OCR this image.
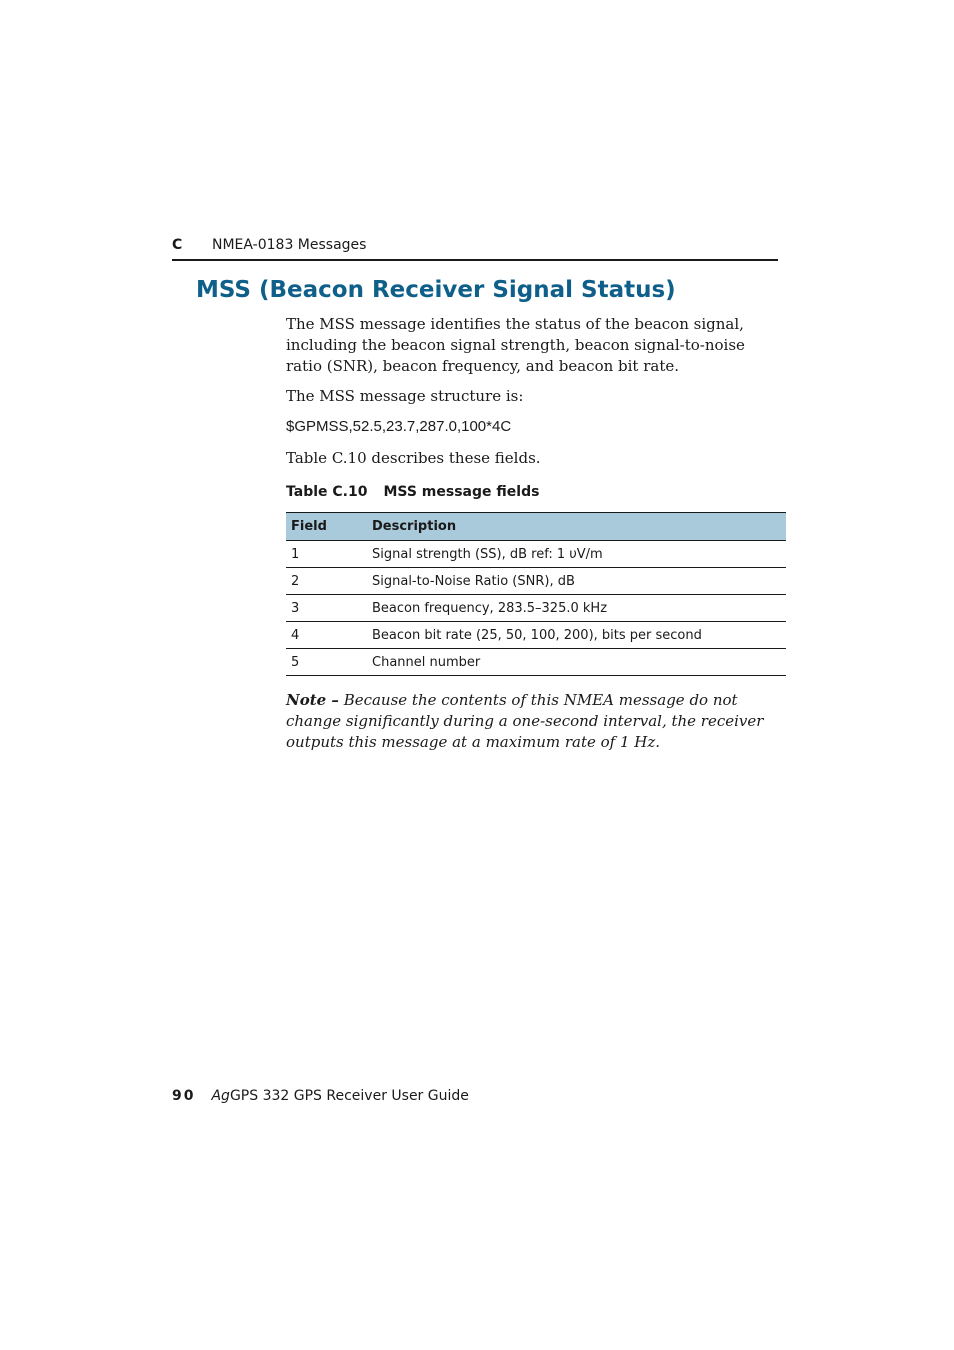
C NMEA-0183 Messages
MSS (Beacon Receiver Signal Status)
The MSS message identifies the status of the beacon signal, including the beacon signal strength, beacon signal-to-noise ratio (SNR), beacon frequency, and beacon bit rate.
The MSS message structure is:
$GPMSS,52.5,23.7,287.0,100*4C
Table C.10 describes these fields.
Table C.10 MSS message fields
Field	Description
1	Signal strength (SS), dB ref: 1 υV/m
2	Signal-to-Noise Ratio (SNR), dB
3	Beacon frequency, 283.5–325.0 kHz
4	Beacon bit rate (25, 50, 100, 200), bits per second
5	Channel number
Note – Because the contents of this NMEA message do not change significantly during a one-second interval, the receiver outputs this message at a maximum rate of 1 Hz.
90 AgGPS 332 GPS Receiver User Guide
